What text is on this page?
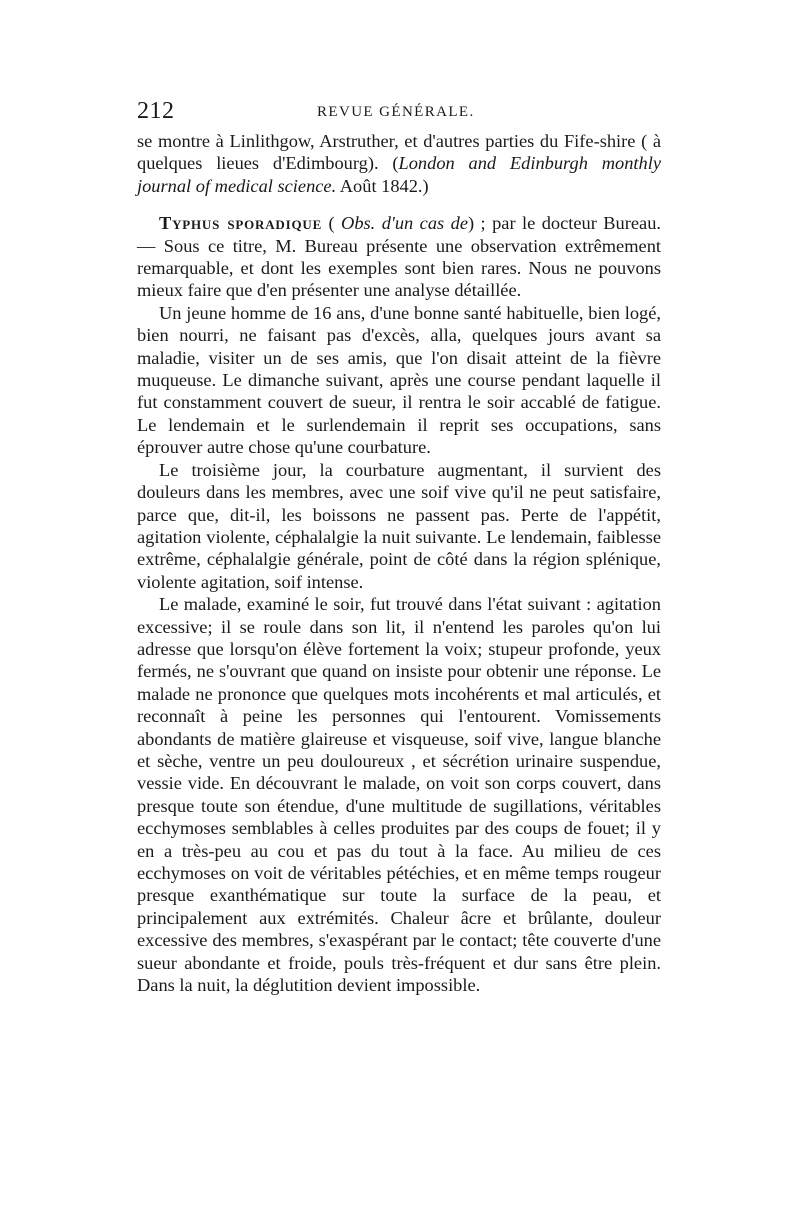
212	REVUE GÉNÉRALE.

se montre à Linlithgow, Arstruther, et d'autres parties du Fife-shire ( à quelques lieues d'Edimbourg). (London and Edinburgh monthly journal of medical science. Août 1842.)

Typhus sporadique ( Obs. d'un cas de) ; par le docteur Bureau. — Sous ce titre, M. Bureau présente une observation extrêmement remarquable, et dont les exemples sont bien rares. Nous ne pouvons mieux faire que d'en présenter une analyse détaillée.

Un jeune homme de 16 ans, d'une bonne santé habituelle, bien logé, bien nourri, ne faisant pas d'excès, alla, quelques jours avant sa maladie, visiter un de ses amis, que l'on disait atteint de la fièvre muqueuse. Le dimanche suivant, après une course pendant laquelle il fut constamment couvert de sueur, il rentra le soir accablé de fatigue. Le lendemain et le surlendemain il reprit ses occupations, sans éprouver autre chose qu'une courbature.

Le troisième jour, la courbature augmentant, il survient des douleurs dans les membres, avec une soif vive qu'il ne peut satisfaire, parce que, dit-il, les boissons ne passent pas. Perte de l'appétit, agitation violente, céphalalgie la nuit suivante. Le lendemain, faiblesse extrême, céphalalgie générale, point de côté dans la région splénique, violente agitation, soif intense.

Le malade, examiné le soir, fut trouvé dans l'état suivant : agitation excessive; il se roule dans son lit, il n'entend les paroles qu'on lui adresse que lorsqu'on élève fortement la voix; stupeur profonde, yeux fermés, ne s'ouvrant que quand on insiste pour obtenir une réponse. Le malade ne prononce que quelques mots incohérents et mal articulés, et reconnaît à peine les personnes qui l'entourent. Vomissements abondants de matière glaireuse et visqueuse, soif vive, langue blanche et sèche, ventre un peu douloureux , et sécrétion urinaire suspendue, vessie vide. En découvrant le malade, on voit son corps couvert, dans presque toute son étendue, d'une multitude de sugillations, véritables ecchymoses semblables à celles produites par des coups de fouet; il y en a très-peu au cou et pas du tout à la face. Au milieu de ces ecchymoses on voit de véritables pétéchies, et en même temps rougeur presque exanthématique sur toute la surface de la peau, et principalement aux extrémités. Chaleur âcre et brûlante, douleur excessive des membres, s'exaspérant par le contact; tête couverte d'une sueur abondante et froide, pouls très-fréquent et dur sans être plein. Dans la nuit, la déglutition devient impossible.
